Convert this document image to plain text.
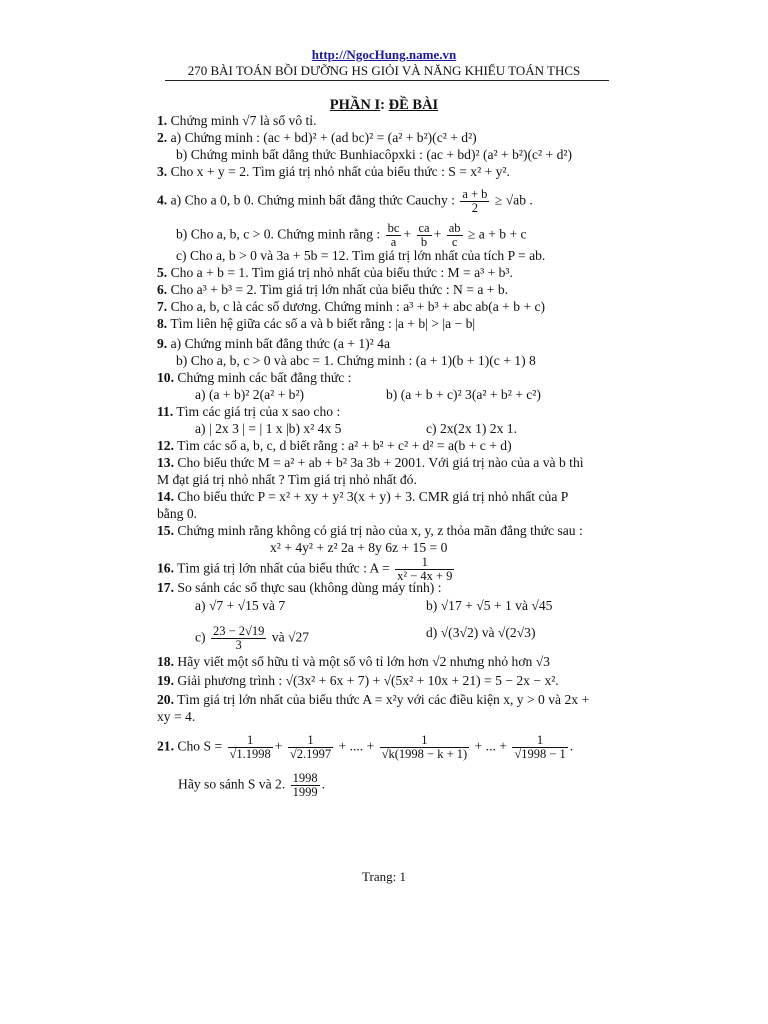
http://NgocHung.name.vn
270 BÀI TOÁN BỒI DƯỠNG HS GIỎI VÀ NĂNG KHIẾU TOÁN THCS
PHẦN I: ĐỀ BÀI
1. Chứng minh √7 là số vô tỉ.
2. a) Chứng minh : (ac + bd)² + (ad bc)² = (a² + b²)(c² + d²)
b) Chứng minh bất dẳng thức Bunhiacôpxki : (ac + bd)² (a² + b²)(c² + d²)
3. Cho x + y = 2. Tìm giá trị nhỏ nhất của biểu thức : S = x² + y².
4. a) Cho a 0, b 0. Chứng minh bất đẳng thức Cauchy : $\frac{a + b}{2} \ge √ab$ .
b) Cho a, b, c > 0. Chứng minh rằng : $\frac{bc}{a} + \frac{ca}{b} + \frac{ab}{c} \ge a + b + c$
c) Cho a, b > 0 và 3a + 5b = 12. Tìm giá trị lớn nhất của tích P = ab.
5. Cho a + b = 1. Tìm giá trị nhỏ nhất của biểu thức : M = a³ + b³.
6. Cho a³ + b³ = 2. Tìm giá trị lớn nhất của biểu thức : N = a + b.
7. Cho a, b, c là các số dương. Chứng minh : a³ + b³ + abc ab(a + b + c)
8. Tìm liên hệ giữa các số a và b biết rằng : |a + b| > |a − b|
9. a) Chứng minh bất đẳng thức (a + 1)² 4a
b) Cho a, b, c > 0 và abc = 1. Chứng minh : (a + 1)(b + 1)(c + 1) 8
10. Chứng minh các bất đẳng thức :
a) (a + b)² 2(a² + b²)	b) (a + b + c)² 3(a² + b² + c²)
11. Tìm các giá trị của x sao cho :
a) | 2x 3 | = | 1 x |b) x² 4x 5	c) 2x(2x 1) 2x 1.
12. Tìm các số a, b, c, d biết rằng : a² + b² + c² + d² = a(b + c + d)
13. Cho biểu thức M = a² + ab + b² 3a 3b + 2001. Với giá trị nào của a và b thì
M đạt giá trị nhỏ nhất ? Tìm giá trị nhỏ nhất đó.
14. Cho biểu thức P = x² + xy + y² 3(x + y) + 3. CMR giá trị nhỏ nhất của P
bằng 0.
15. Chứng minh rằng không có giá trị nào của x, y, z thỏa mãn đẳng thức sau :
x² + 4y² + z² 2a + 8y 6z + 15 = 0
16. Tìm giá trị lớn nhất của biểu thức : $A = \frac{1}{\text{x² − 4x + 9}}$
17. So sánh các số thực sau (không dùng máy tính) :
a) √7 + √15 và 7	b) √17 + √5 + 1 và √45
$c) \frac{23 - 2√19}{3}$ và √27	d) √(3√2) và √(2√3)
18. Hãy viết một số hữu tỉ và một số vô tỉ lớn hơn √2 nhưng nhỏ hơn √3
19. Giải phương trình : √(3x² + 6x + 7) + √(5x² + 10x + 21) = 5 − 2x − x².
20. Tìm giá trị lớn nhất của biểu thức A = x²y với các điều kiện x, y > 0 và 2x +
xy = 4.
21. Cho $S = \frac{1}{√1.1998} + \frac{1}{√2.1997}$ + .... + $\frac{1}{√k(1998 - k + 1)}$ + ... + $\frac{1}{√1998 - 1}$ .
Hãy so sánh S và 2. $\frac{1998}{1999}$ .
Trang: 1
